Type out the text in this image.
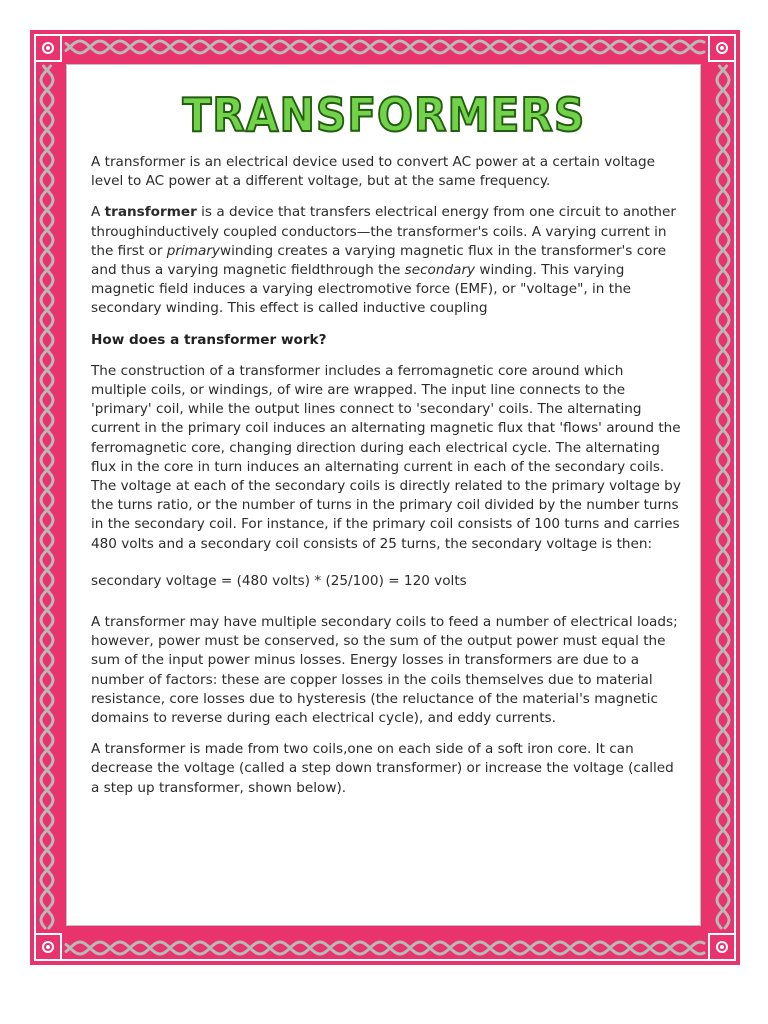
TRANSFORMERS

A transformer is an electrical device used to convert AC power at a certain voltage level to AC power at a different voltage, but at the same frequency.

A transformer is a device that transfers electrical energy from one circuit to another throughinductively coupled conductors—the transformer's coils. A varying current in the first or primarywinding creates a varying magnetic flux in the transformer's core and thus a varying magnetic fieldthrough the secondary winding. This varying magnetic field induces a varying electromotive force (EMF), or "voltage", in the secondary winding. This effect is called inductive coupling

How does a transformer work?

The construction of a transformer includes a ferromagnetic core around which multiple coils, or windings, of wire are wrapped. The input line connects to the 'primary' coil, while the output lines connect to 'secondary' coils. The alternating current in the primary coil induces an alternating magnetic flux that 'flows' around the ferromagnetic core, changing direction during each electrical cycle. The alternating flux in the core in turn induces an alternating current in each of the secondary coils. The voltage at each of the secondary coils is directly related to the primary voltage by the turns ratio, or the number of turns in the primary coil divided by the number turns in the secondary coil. For instance, if the primary coil consists of 100 turns and carries 480 volts and a secondary coil consists of 25 turns, the secondary voltage is then:

secondary voltage = (480 volts) * (25/100) = 120 volts

A transformer may have multiple secondary coils to feed a number of electrical loads; however, power must be conserved, so the sum of the output power must equal the sum of the input power minus losses. Energy losses in transformers are due to a number of factors: these are copper losses in the coils themselves due to material resistance, core losses due to hysteresis (the reluctance of the material's magnetic domains to reverse during each electrical cycle), and eddy currents.

A transformer is made from two coils,one on each side of a soft iron core. It can decrease the voltage (called a step down transformer) or increase the voltage (called a step up transformer, shown below).
